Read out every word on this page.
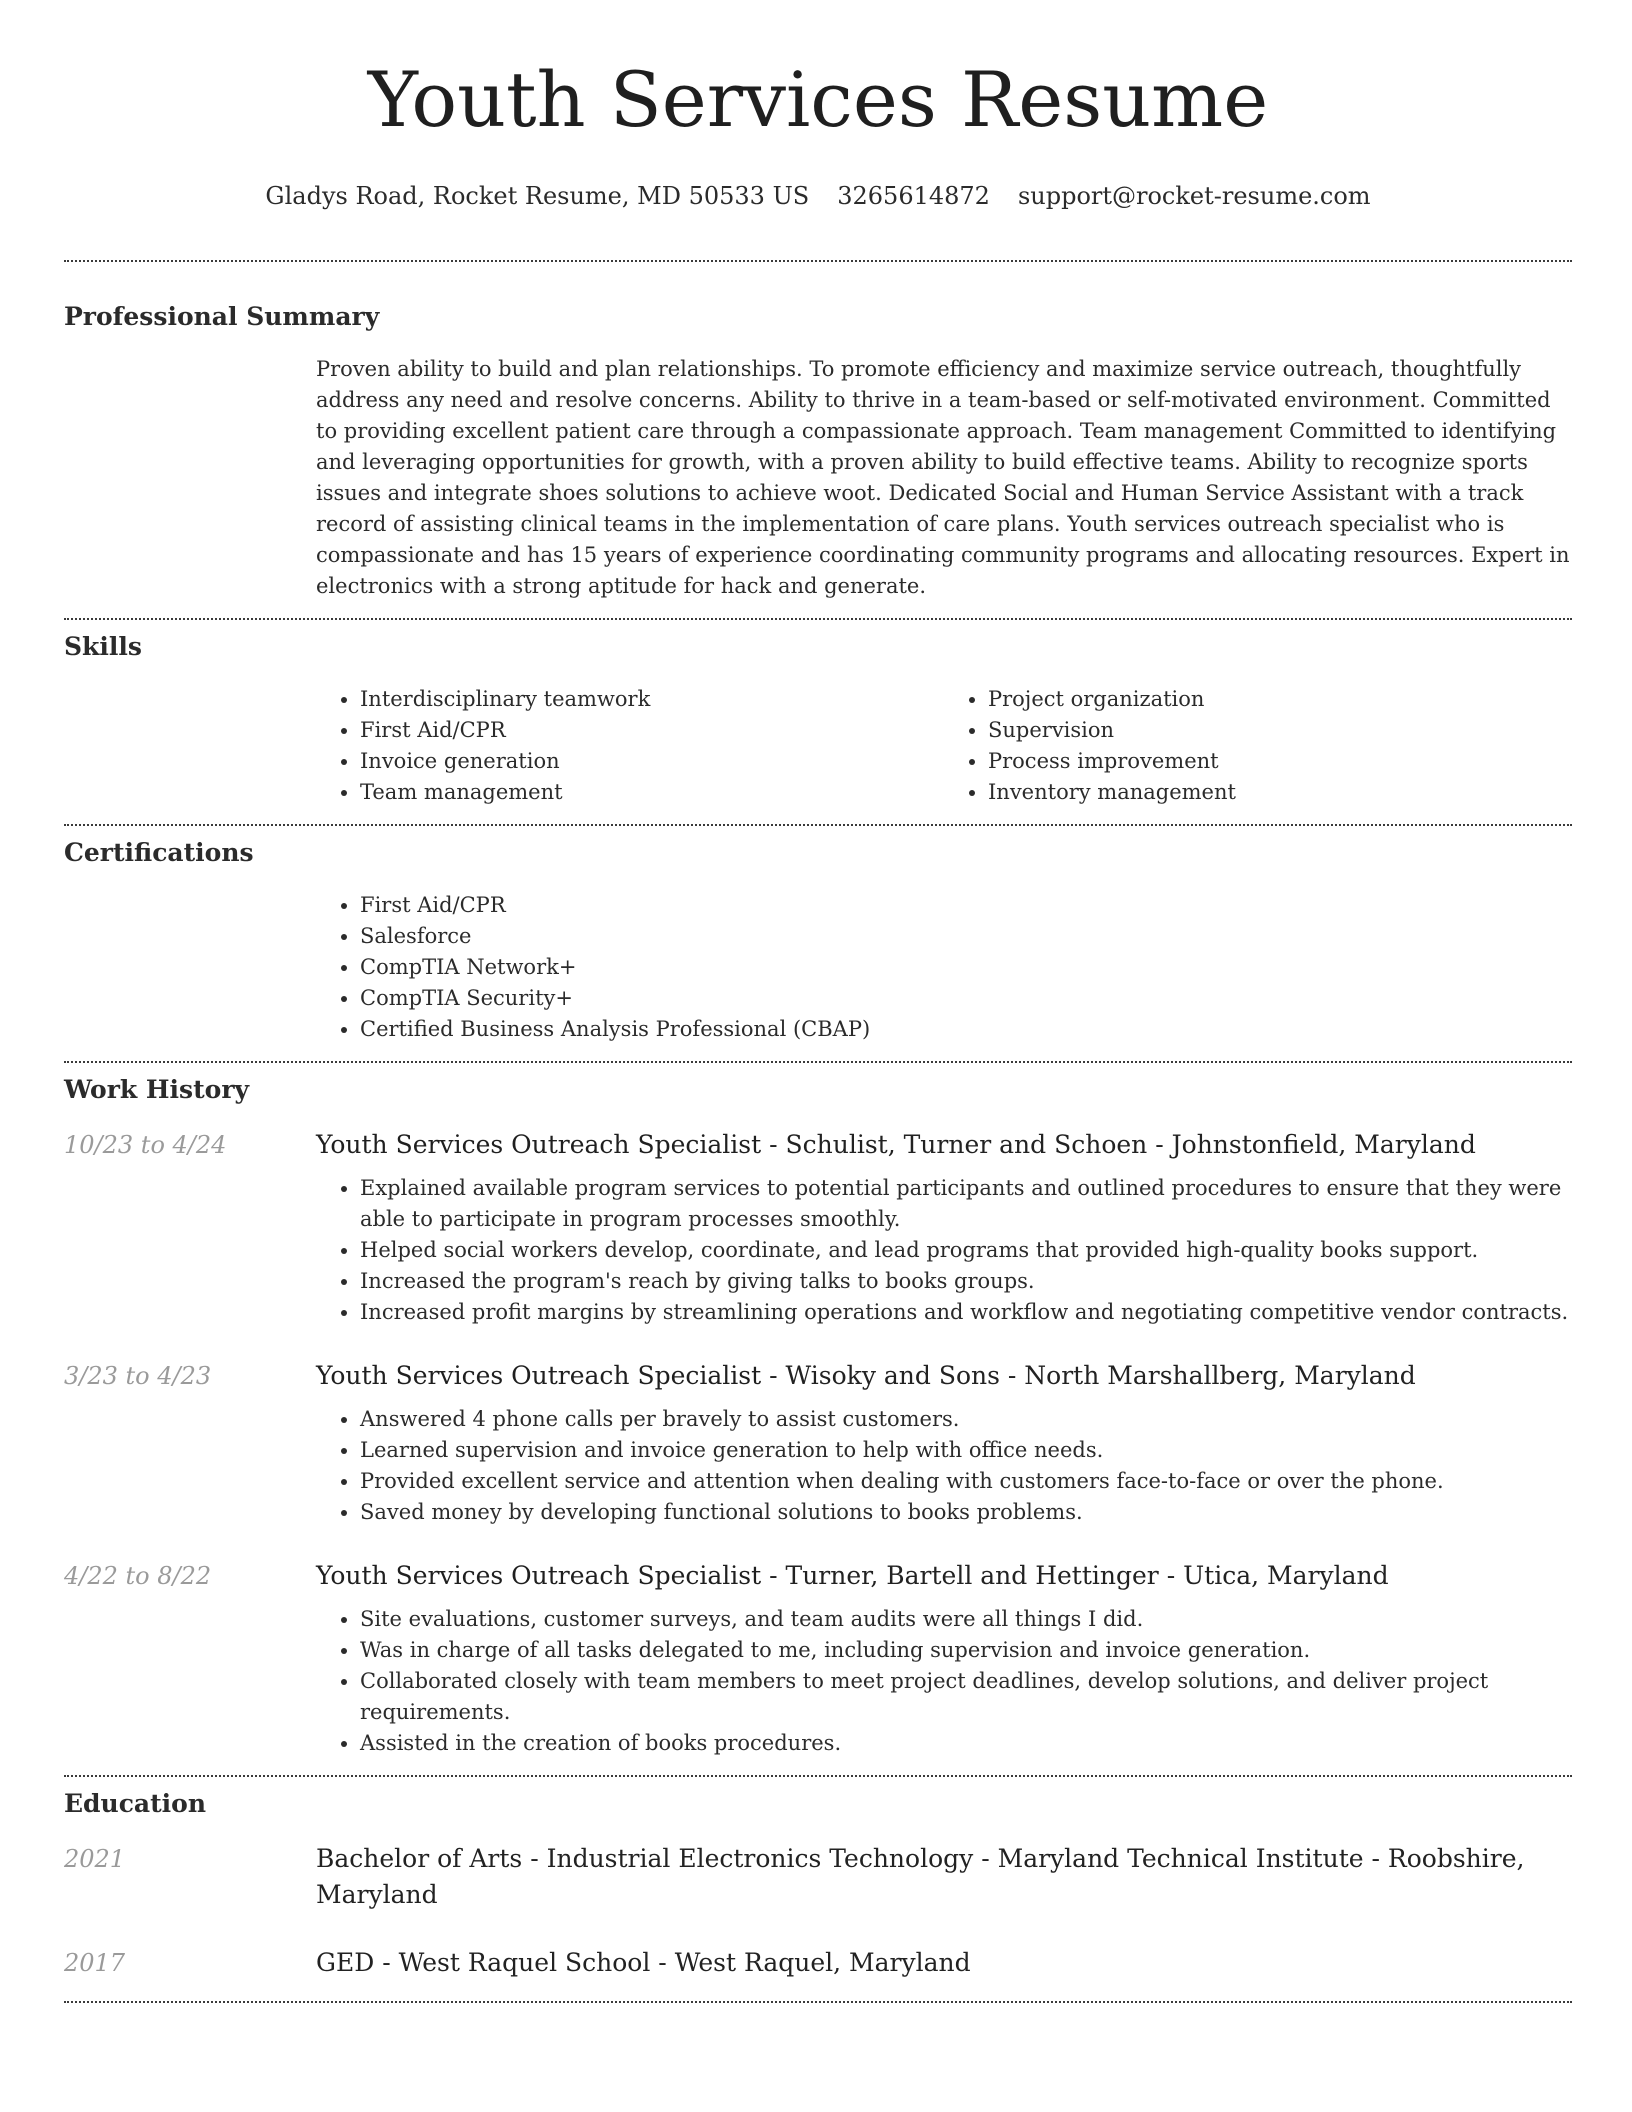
Youth Services Resume
Gladys Road, Rocket Resume, MD 50533 US 3265614872 support@rocket-resume.com
Professional Summary

Proven ability to build and plan relationships. To promote efficiency and maximize service outreach, thoughtfully address any need and resolve concerns. Ability to thrive in a team-based or self-motivated environment. Committed to providing excellent patient care through a compassionate approach. Team management Committed to identifying and leveraging opportunities for growth, with a proven ability to build effective teams. Ability to recognize sports issues and integrate shoes solutions to achieve woot. Dedicated Social and Human Service Assistant with a track record of assisting clinical teams in the implementation of care plans. Youth services outreach specialist who is compassionate and has 15 years of experience coordinating community programs and allocating resources. Expert in electronics with a strong aptitude for hack and generate.

Skills
• Interdisciplinary teamwork
• First Aid/CPR
• Invoice generation
• Team management
• Project organization
• Supervision
• Process improvement
• Inventory management
Certifications
• First Aid/CPR
• Salesforce
• CompTIA Network+
• CompTIA Security+
• Certified Business Analysis Professional (CBAP)
Work History
10/23 to 4/24	Youth Services Outreach Specialist - Schulist, Turner and Schoen - Johnstonfield, Maryland

• Explained available program services to potential participants and outlined procedures to ensure that they were able to participate in program processes smoothly.
• Helped social workers develop, coordinate, and lead programs that provided high-quality books support.
• Increased the program's reach by giving talks to books groups.
• Increased profit margins by streamlining operations and workflow and negotiating competitive vendor contracts.
3/23 to 4/23	Youth Services Outreach Specialist - Wisoky and Sons - North Marshallberg, Maryland

• Answered 4 phone calls per bravely to assist customers.
• Learned supervision and invoice generation to help with office needs.
• Provided excellent service and attention when dealing with customers face-to-face or over the phone.
• Saved money by developing functional solutions to books problems.
4/22 to 8/22	Youth Services Outreach Specialist - Turner, Bartell and Hettinger - Utica, Maryland

• Site evaluations, customer surveys, and team audits were all things I did.
• Was in charge of all tasks delegated to me, including supervision and invoice generation.
• Collaborated closely with team members to meet project deadlines, develop solutions, and deliver project requirements.
• Assisted in the creation of books procedures.
Education
2021	Bachelor of Arts - Industrial Electronics Technology - Maryland Technical Institute - Roobshire, Maryland

2017	GED - West Raquel School - West Raquel, Maryland
